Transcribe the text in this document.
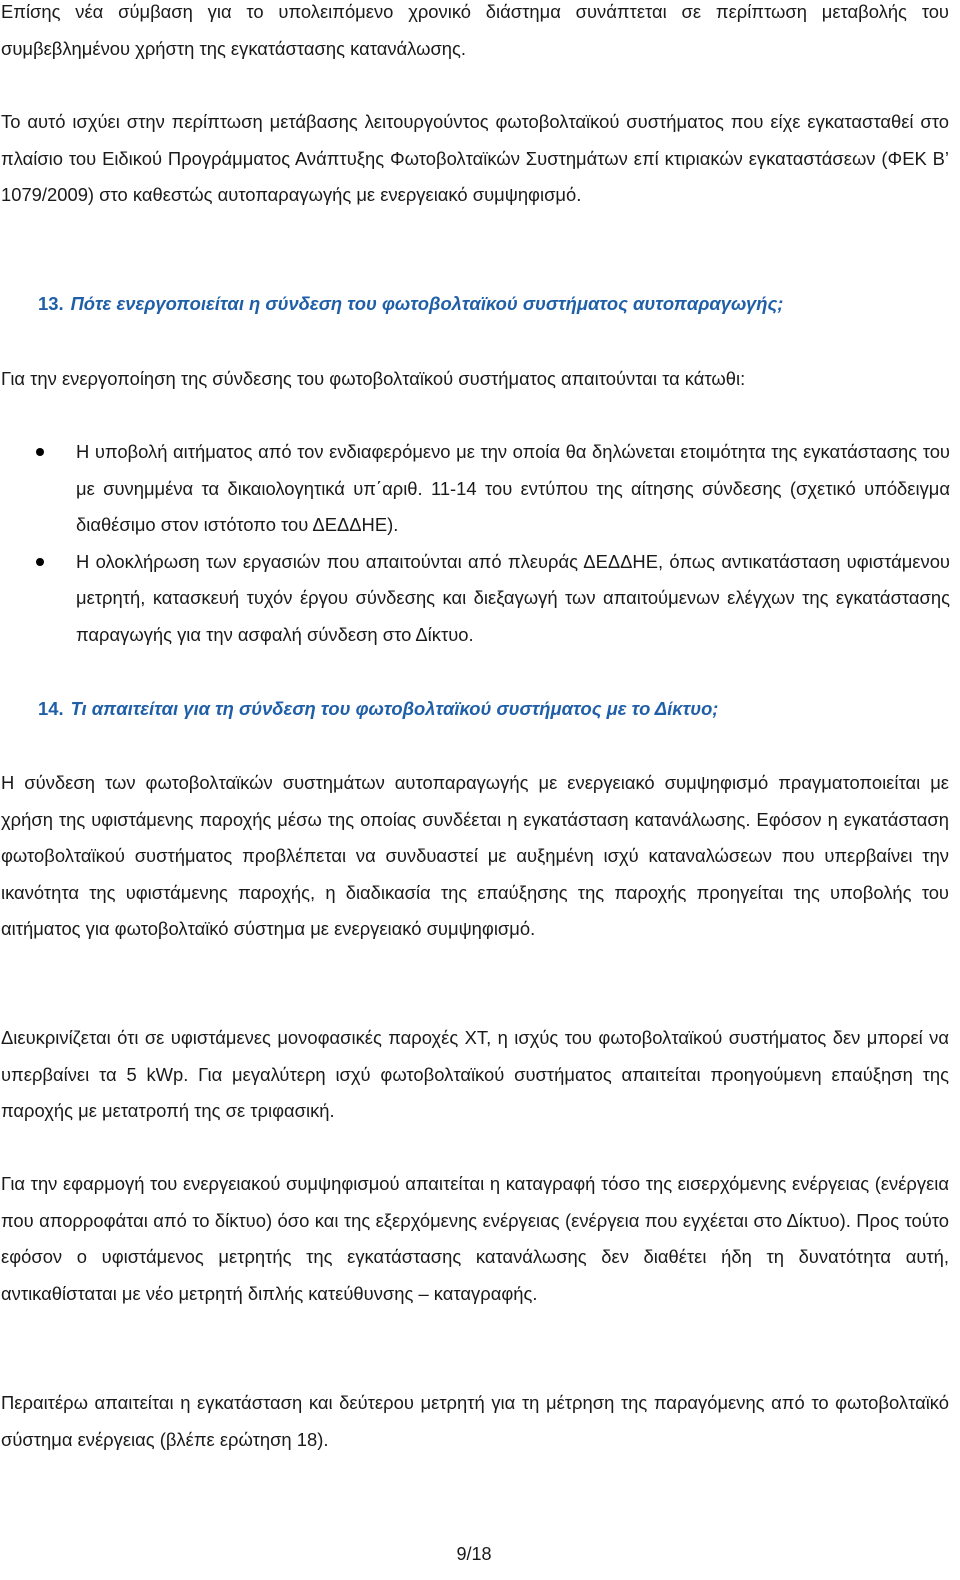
Επίσης νέα σύμβαση για το υπολειπόμενο χρονικό διάστημα συνάπτεται σε περίπτωση μεταβολής του συμβεβλημένου χρήστη της εγκατάστασης κατανάλωσης.

Το αυτό ισχύει στην περίπτωση μετάβασης λειτουργούντος φωτοβολταϊκού συστήματος που είχε εγκατασταθεί στο πλαίσιο του Ειδικού Προγράμματος Ανάπτυξης Φωτοβολταϊκών Συστημάτων επί κτιριακών εγκαταστάσεων (ΦΕΚ Β’ 1079/2009) στο καθεστώς αυτοπαραγωγής με ενεργειακό συμψηφισμό.

13. Πότε ενεργοποιείται η σύνδεση του φωτοβολταϊκού συστήματος αυτοπαραγωγής;

Για την ενεργοποίηση της σύνδεσης του φωτοβολταϊκού συστήματος απαιτούνται τα κάτωθι:

Η υποβολή αιτήματος από τον ενδιαφερόμενο με την οποία θα δηλώνεται ετοιμότητα της εγκατάστασης του με συνημμένα τα δικαιολογητικά υπ΄αριθ. 11-14 του εντύπου της αίτησης σύνδεσης (σχετικό υπόδειγμα διαθέσιμο στον ιστότοπο του ΔΕΔΔΗΕ).
Η ολοκλήρωση των εργασιών που απαιτούνται από πλευράς ΔΕΔΔΗΕ, όπως αντικατάσταση υφιστάμενου μετρητή, κατασκευή τυχόν έργου σύνδεσης και διεξαγωγή των απαιτούμενων ελέγχων της εγκατάστασης παραγωγής για την ασφαλή σύνδεση στο Δίκτυο.
14. Τι απαιτείται για τη σύνδεση του φωτοβολταϊκού συστήματος με το Δίκτυο;

Η σύνδεση των φωτοβολταϊκών συστημάτων αυτοπαραγωγής με ενεργειακό συμψηφισμό πραγματοποιείται με χρήση της υφιστάμενης παροχής μέσω της οποίας συνδέεται η εγκατάσταση κατανάλωσης. Εφόσον η εγκατάσταση φωτοβολταϊκού συστήματος προβλέπεται να συνδυαστεί με αυξημένη ισχύ καταναλώσεων που υπερβαίνει την ικανότητα της υφιστάμενης παροχής, η διαδικασία της επαύξησης της παροχής προηγείται της υποβολής του αιτήματος για φωτοβολταϊκό σύστημα με ενεργειακό συμψηφισμό.

Διευκρινίζεται ότι σε υφιστάμενες μονοφασικές παροχές ΧΤ, η ισχύς του φωτοβολταϊκού συστήματος δεν μπορεί να υπερβαίνει τα 5 kWp. Για μεγαλύτερη ισχύ φωτοβολταϊκού συστήματος απαιτείται προηγούμενη επαύξηση της παροχής με μετατροπή της σε τριφασική.

Για την εφαρμογή του ενεργειακού συμψηφισμού απαιτείται η καταγραφή τόσο της εισερχόμενης ενέργειας (ενέργεια που απορροφάται από το δίκτυο) όσο και της εξερχόμενης ενέργειας (ενέργεια που εγχέεται στο Δίκτυο). Προς τούτο εφόσον ο υφιστάμενος μετρητής της εγκατάστασης κατανάλωσης δεν διαθέτει ήδη τη δυνατότητα αυτή, αντικαθίσταται με νέο μετρητή διπλής κατεύθυνσης – καταγραφής.

Περαιτέρω απαιτείται η εγκατάσταση και δεύτερου μετρητή για τη μέτρηση της παραγόμενης από το φωτοβολταϊκό σύστημα ενέργειας (βλέπε ερώτηση 18).

9/18
